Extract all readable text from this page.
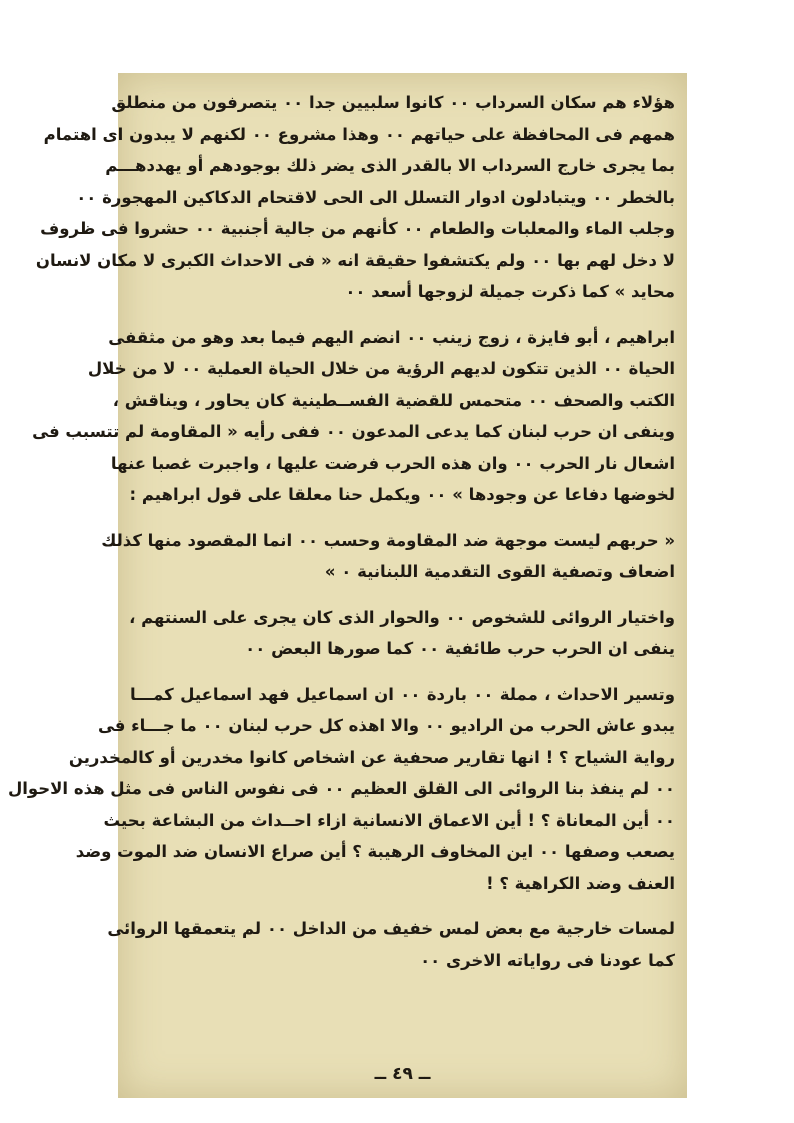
هؤلاء هم سكان السرداب ٠٠ كانوا سلبيين جدا ٠٠ يتصرفون من منطلق
همهم فى المحافظة على حياتهم ٠٠ وهذا مشروع ٠٠ لكنهم لا يبدون اى اهتمام
بما يجرى خارج السرداب الا بالقدر الذى يضر ذلك بوجودهم أو يهددهـــم
بالخطر ٠٠ ويتبادلون ادوار التسلل الى الحى لاقتحام الدكاكين المهجورة ٠٠
وجلب الماء والمعلبات والطعام ٠٠ كأنهم من جالية أجنبية ٠٠ حشروا فى ظروف
لا دخل لهم بها ٠٠ ولم يكتشفوا حقيقة انه « فى الاحداث الكبرى لا مكان لانسان
محايد » كما ذكرت جميلة لزوجها أسعد ٠٠
ابراهيم ، أبو فايزة ، زوج زينب ٠٠ انضم اليهم فيما بعد وهو من مثقفى
الحياة ٠٠ الذين تتكون لديهم الرؤية من خلال الحياة العملية ٠٠ لا من خلال
الكتب والصحف ٠٠ متحمس للقضية الفســطينية كان يحاور ، ويناقش ،
وينفى ان حرب لبنان كما يدعى المدعون ٠٠ ففى رأيه « المقاومة لم تتسبب فى
اشعال نار الحرب ٠٠ وان هذه الحرب فرضت عليها ، واجبرت غصبا عنها
لخوضها دفاعا عن وجودها » ٠٠ ويكمل حنا معلقا على قول ابراهيم :
« حربهم ليست موجهة ضد المقاومة وحسب ٠٠ انما المقصود منها كذلك
اضعاف وتصفية القوى التقدمية اللبنانية ٠ »
واختيار الروائى للشخوص ٠٠ والحوار الذى كان يجرى على السنتهم ،
ينفى ان الحرب حرب طائفية ٠٠ كما صورها البعض ٠٠
وتسير الاحداث ، مملة ٠٠ باردة ٠٠ ان اسماعيل فهد اسماعيل كمـــا
يبدو عاش الحرب من الراديو ٠٠ والا اهذه كل حرب لبنان ٠٠ ما جـــاء فى
رواية الشياح ؟ ! انها تقارير صحفية عن اشخاص كانوا مخدرين أو كالمخدرين
٠٠ لم ينفذ بنا الروائى الى القلق العظيم ٠٠ فى نفوس الناس فى مثل هذه الاحوال
٠٠ أين المعاناة ؟ ! أين الاعماق الانسانية ازاء احــداث من البشاعة بحيث
يصعب وصفها ٠٠ اين المخاوف الرهيبة ؟ أين صراع الانسان ضد الموت وضد
العنف وضد الكراهية ؟ !
لمسات خارجية مع بعض لمس خفيف من الداخل ٠٠ لم يتعمقها الروائى
كما عودنا فى رواياته الاخرى ٠٠
ــ ٤٩ ــ
